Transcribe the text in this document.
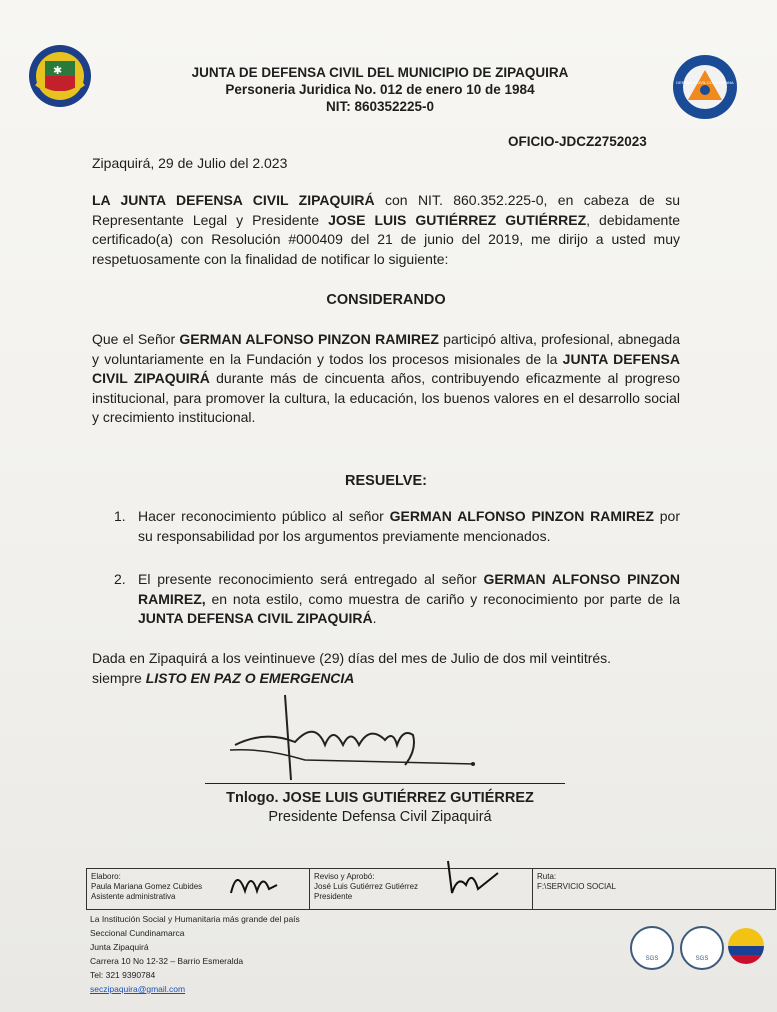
✱	JUNTA DE DEFENSA CIVIL DEL MUNICIPIO DE ZIPAQUIRA
Personeria Juridica No. 012 de enero 10 de 1984
NIT: 860352225-0
DEFENSA CIVIL COLOMBIANA
OFICIO-JDCZ2752023
Zipaquirá, 29 de Julio del 2.023
LA JUNTA DEFENSA CIVIL ZIPAQUIRÁ con NIT. 860.352.225-0, en cabeza de su Representante Legal y Presidente JOSE LUIS GUTIÉRREZ GUTIÉRREZ, debidamente certificado(a) con Resolución #000409 del 21 de junio del 2019, me dirijo a usted muy respetuosamente con la finalidad de notificar lo siguiente:
CONSIDERANDO
Que el Señor GERMAN ALFONSO PINZON RAMIREZ participó altiva, profesional, abnegada y voluntariamente en la Fundación y todos los procesos misionales de la JUNTA DEFENSA CIVIL ZIPAQUIRÁ durante más de cincuenta años, contribuyendo eficazmente al progreso institucional, para promover la cultura, la educación, los buenos valores en el desarrollo social y crecimiento institucional.
RESUELVE:
1. Hacer reconocimiento público al señor GERMAN ALFONSO PINZON RAMIREZ por su responsabilidad por los argumentos previamente mencionados.
2. El presente reconocimiento será entregado al señor GERMAN ALFONSO PINZON RAMIREZ, en nota estilo, como muestra de cariño y reconocimiento por parte de la JUNTA DEFENSA CIVIL ZIPAQUIRÁ.
Dada en Zipaquirá a los veintinueve (29) días del mes de Julio de dos mil veintitrés.
siempre LISTO EN PAZ O EMERGENCIA
Tnlogo. JOSE LUIS GUTIÉRREZ GUTIÉRREZ
Presidente Defensa Civil Zipaquirá
Elaboro:
Paula Mariana Gomez Cubides
Asistente administrativa
Reviso y Aprobó:
José Luis Gutiérrez Gutiérrez
Presidente
Ruta:
F:\SERVICIO SOCIAL
La Institución Social y Humanitaria más grande del país
Seccional Cundinamarca
Junta Zipaquirá
Carrera 10 No 12-32 – Barrio Esmeralda
Tel: 321 9390784
seczipaquira@gmail.com
SGS	SGS
